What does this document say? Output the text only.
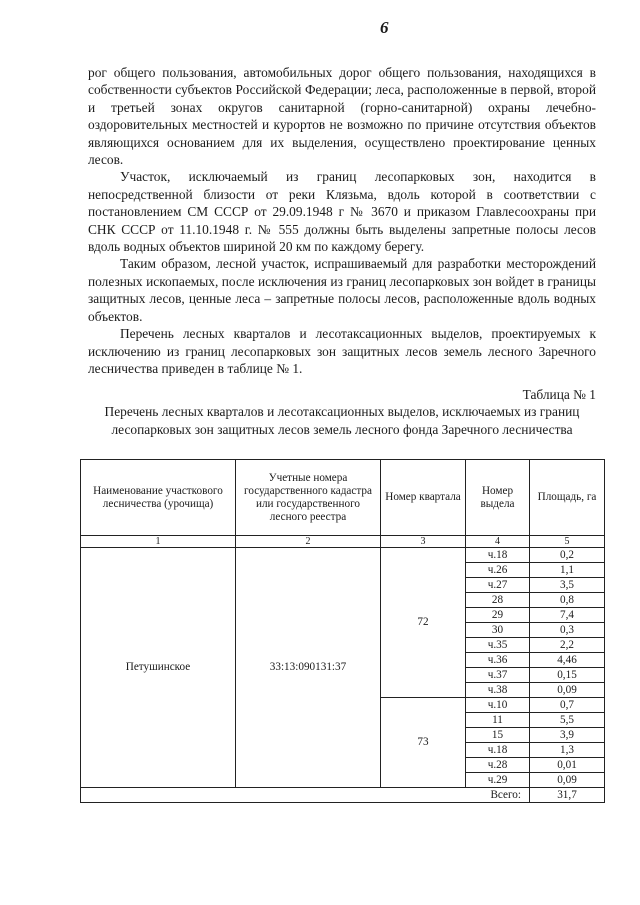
6

рог общего пользования, автомобильных дорог общего пользования, находящихся в собственности субъектов Российской Федерации; леса, расположенные в первой, второй и третьей зонах округов санитарной (горно-санитарной) охраны лечебно-оздоровительных местностей и курортов не возможно по причине отсутствия объектов являющихся основанием для их выделения, осуществлено проектирование ценных лесов.

Участок, исключаемый из границ лесопарковых зон, находится в непосредственной близости от реки Клязьма, вдоль которой в соответствии с постановлением СМ СССР от 29.09.1948 г № 3670 и приказом Главлесоохраны при СНК СССР от 11.10.1948 г. № 555 должны быть выделены запретные полосы лесов вдоль водных объектов шириной 20 км по каждому берегу.

Таким образом, лесной участок, испрашиваемый для разработки месторождений полезных ископаемых, после исключения из границ лесопарковых зон войдет в границы защитных лесов, ценные леса – запретные полосы лесов, расположенные вдоль водных объектов.

Перечень лесных кварталов и лесотаксационных выделов, проектируемых к исключению из границ лесопарковых зон защитных лесов земель лесного Заречного лесничества приведен в таблице № 1.

Таблица № 1
Перечень лесных кварталов и лесотаксационных выделов, исключаемых из границ лесопарковых зон защитных лесов земель лесного фонда Заречного лесничества
Наименование участкового лесничества (урочища)	Учетные номера государственного кадастра или государственного лесного реестра	Номер квартала	Номер выдела	Площадь, га
1	2	3	4	5
Петушинское	33:13:090131:37	72	ч.18	0,2
			ч.26	1,1
			ч.27	3,5
			28	0,8
			29	7,4
			30	0,3
			ч.35	2,2
			ч.36	4,46
			ч.37	0,15
			ч.38	0,09
		73	ч.10	0,7
			11	5,5
			15	3,9
			ч.18	1,3
			ч.28	0,01
			ч.29	0,09
Всего:				31,7
